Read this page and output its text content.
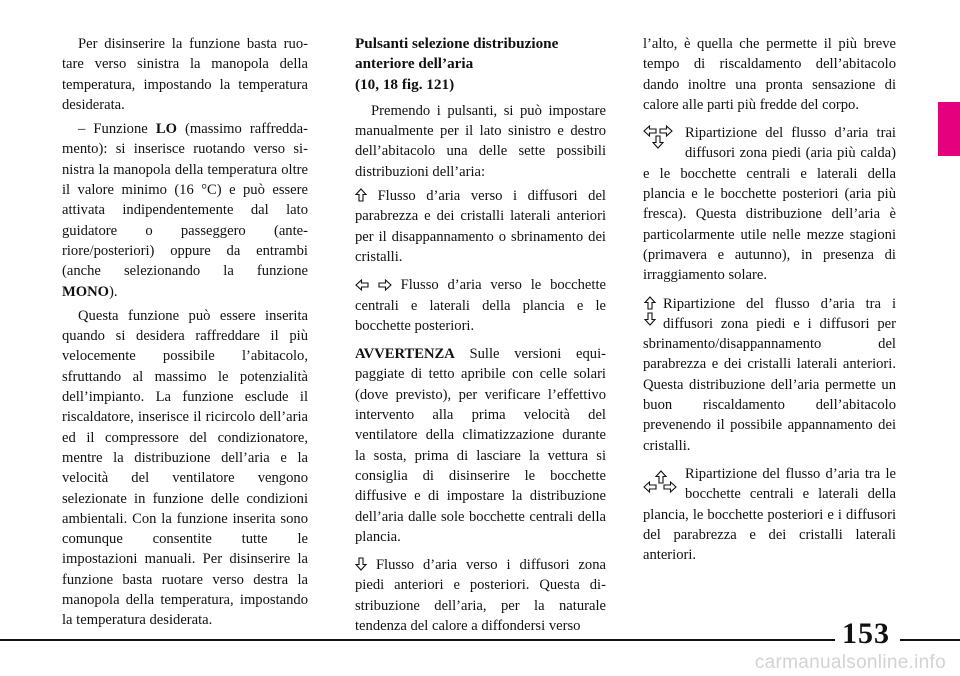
Per disinserire la funzione basta ruotare verso sinistra la manopola della temperatura, impostando la temperatura desiderata.

– Funzione LO (massimo raffreddamento): si inserisce ruotando verso sinistra la manopola della temperatura oltre il valore minimo (16 °C) e può essere attivata indipendentemente dal lato guidatore o passeggero (anteriore/posteriori) oppure da entrambi (anche selezionando la funzione MONO).

Questa funzione può essere inserita quando si desidera raffreddare il più velocemente possibile l’abitacolo, sfruttando al massimo le potenzialità dell’impianto. La funzione esclude il riscaldatore, inserisce il ricircolo dell’aria ed il compressore del condizionatore, mentre la distribuzione dell’aria e la velocità del ventilatore vengono selezionate in funzione delle condizioni ambientali. Con la funzione inserita sono comunque consentite tutte le impostazioni manuali. Per disinserire la funzione basta ruotare verso destra la manopola della temperatura, impostando la temperatura desiderata.

Pulsanti selezione distribuzione
anteriore dell’aria
(10, 18 fig. 121)

Premendo i pulsanti, si può impostare manualmente per il lato sinistro e destro dell’abitacolo una delle sette possibili distribuzioni dell’aria:

Flusso d’aria verso i diffusori del parabrezza e dei cristalli laterali anteriori per il disappannamento o sbrinamento dei cristalli.

Flusso d’aria verso le bocchette centrali e laterali della plancia e le bocchette posteriori.

AVVERTENZA Sulle versioni equipaggiate di tetto apribile con celle solari (dove previsto), per verificare l’effettivo intervento alla prima velocità del ventilatore della climatizzazione durante la sosta, prima di lasciare la vettura si consiglia di disinserire le bocchette diffusive e di impostare la distribuzione dell’aria dalle sole bocchette centrali della plancia.

Flusso d’aria verso i diffusori zona piedi anteriori e posteriori. Questa distribuzione dell’aria, per la naturale tendenza del calore a diffondersi verso

l’alto, è quella che permette il più breve tempo di riscaldamento dell’abitacolo dando inoltre una pronta sensazione di calore alle parti più fredde del corpo.

Ripartizione del flusso d’aria trai diffusori zona piedi (aria più calda) e le bocchette centrali e laterali della plancia e le bocchette posteriori (aria più fresca). Questa distribuzione dell’aria è particolarmente utile nelle mezze stagioni (primavera e autunno), in presenza di irraggiamento solare.

Ripartizione del flusso d’aria tra i diffusori zona piedi e i diffusori per sbrinamento/disappannamento del parabrezza e dei cristalli laterali anteriori. Questa distribuzione dell’aria permette un buon riscaldamento dell’abitacolo prevenendo il possibile appannamento dei cristalli.

Ripartizione del flusso d’aria tra le bocchette centrali e laterali della plancia, le bocchette posteriori e i diffusori del parabrezza e dei cristalli laterali anteriori.

153
carmanualsonline.info
